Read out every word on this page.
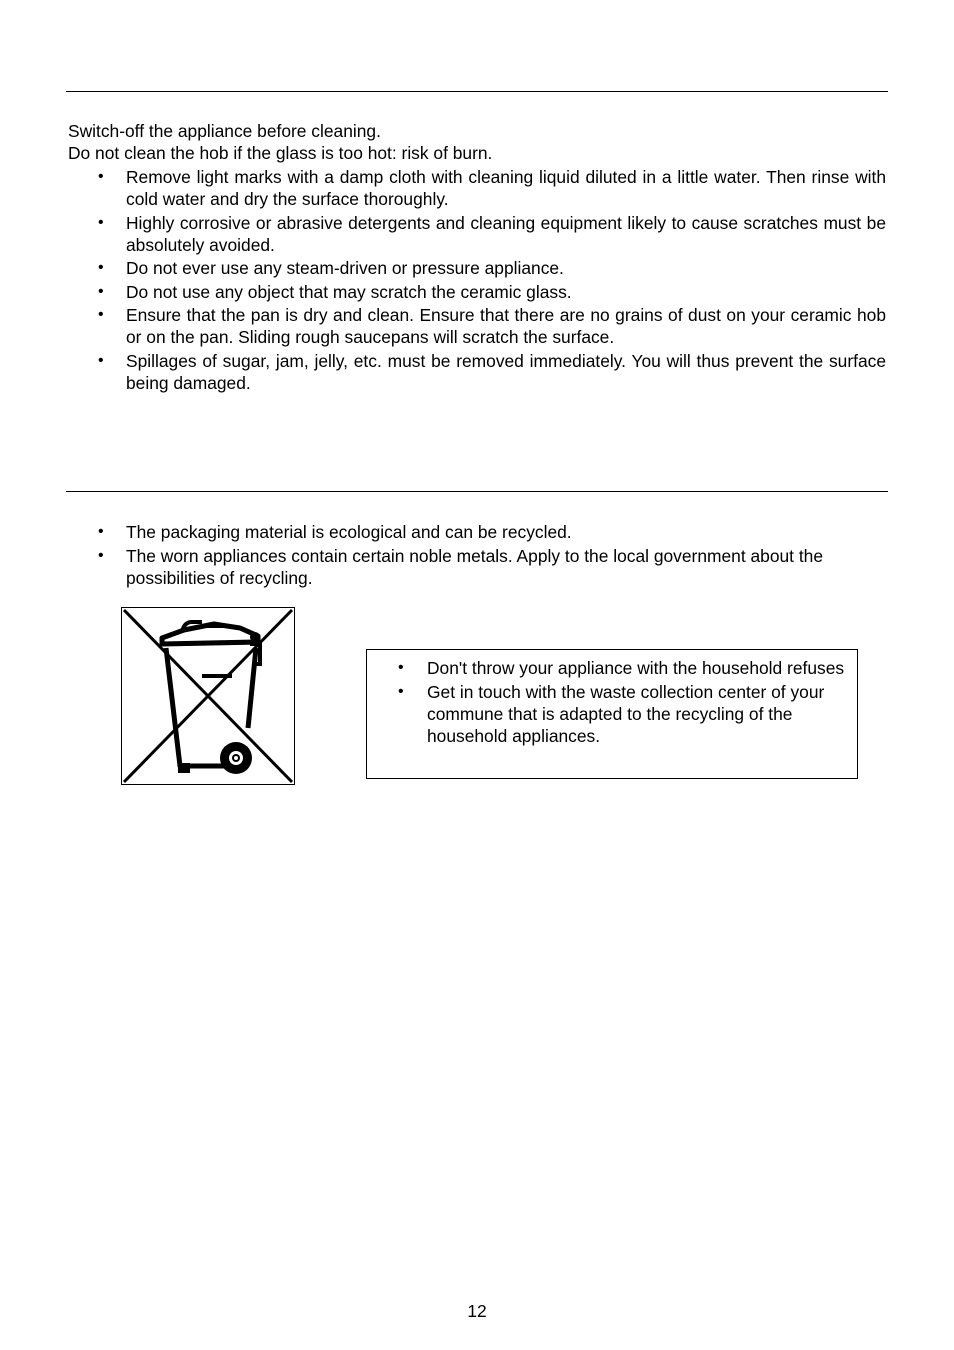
Switch-off the appliance before cleaning.

Do not clean the hob if the glass is too hot: risk of burn.

• Remove light marks with a damp cloth with cleaning liquid diluted in a little water. Then rinse with cold water and dry the surface thoroughly.
• Highly corrosive or abrasive detergents and cleaning equipment likely to cause scratches must be absolutely avoided.
• Do not ever use any steam-driven or pressure appliance.
• Do not use any object that may scratch the ceramic glass.
• Ensure that the pan is dry and clean. Ensure that there are no grains of dust on your ceramic hob or on the pan. Sliding rough saucepans will scratch the surface.
• Spillages of sugar, jam, jelly, etc. must be removed immediately. You will thus prevent the surface being damaged.
• The packaging material is ecological and can be recycled.
• The worn appliances contain certain noble metals. Apply to the local government about the possibilities of recycling.
• Don't throw your appliance with the household refuses
• Get in touch with the waste collection center of your commune that is adapted to the recycling of the household appliances.
12
